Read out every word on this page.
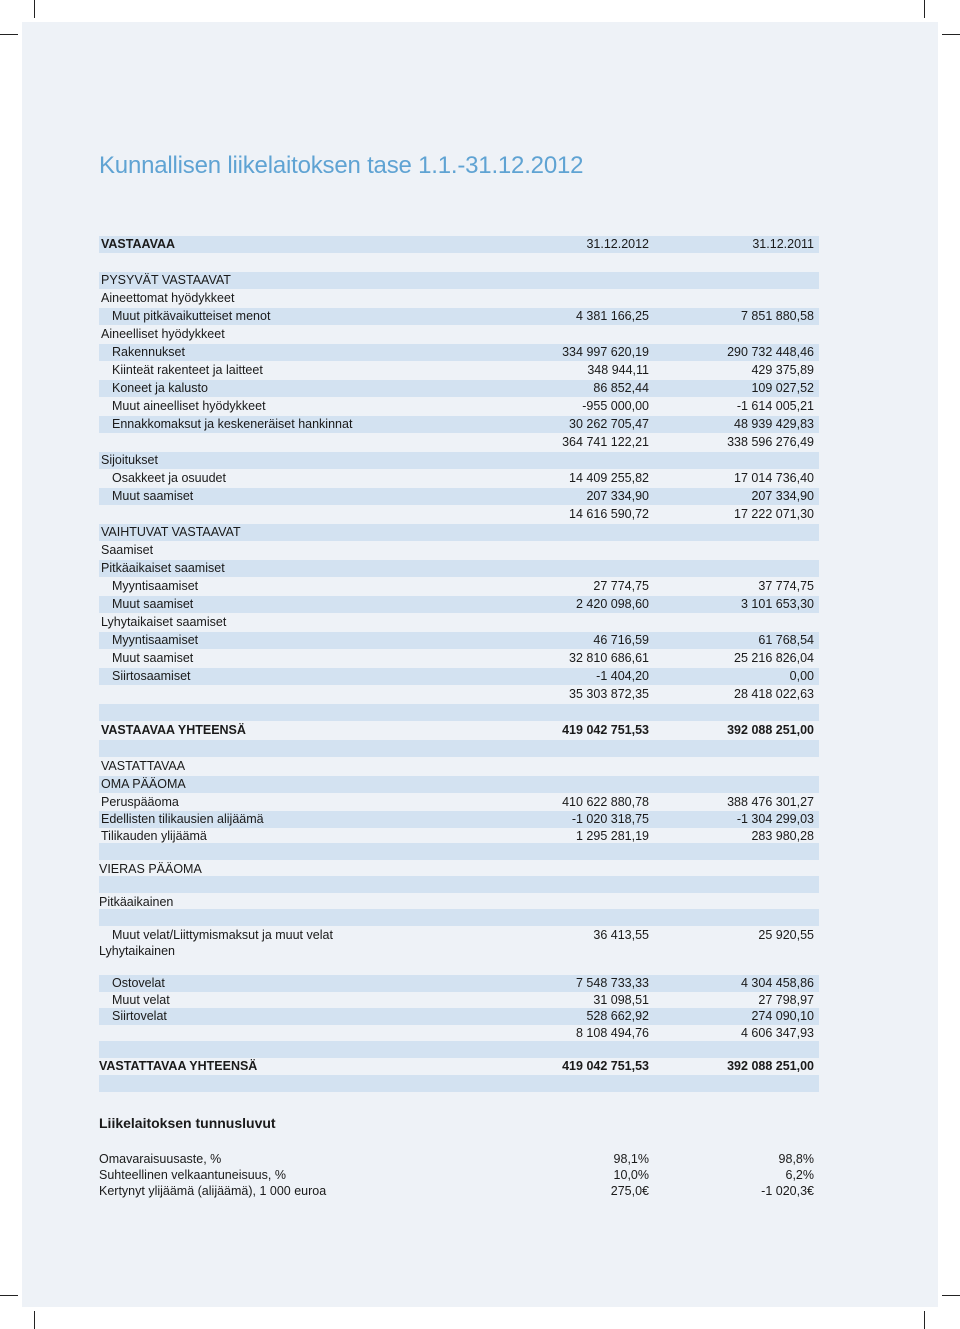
Kunnallisen liikelaitoksen tase 1.1.-31.12.2012
VASTAAVAA	31.12.2012	31.12.2011
PYSYVÄT VASTAAVAT
Aineettomat hyödykkeet
Muut pitkävaikutteiset menot	4 381 166,25	7 851 880,58
Aineelliset hyödykkeet
Rakennukset	334 997 620,19	290 732 448,46
Kiinteät rakenteet ja laitteet	348 944,11	429 375,89
Koneet ja kalusto	86 852,44	109 027,52
Muut aineelliset hyödykkeet	-955 000,00	-1 614 005,21
Ennakkomaksut ja keskeneräiset hankinnat	30 262 705,47	48 939 429,83
364 741 122,21	338 596 276,49
Sijoitukset
Osakkeet ja osuudet	14 409 255,82	17 014 736,40
Muut saamiset	207 334,90	207 334,90
14 616 590,72	17 222 071,30
VAIHTUVAT VASTAAVAT
Saamiset
Pitkäaikaiset saamiset
Myyntisaamiset	27 774,75	37 774,75
Muut saamiset	2 420 098,60	3 101 653,30
Lyhytaikaiset saamiset
Myyntisaamiset	46 716,59	61 768,54
Muut saamiset	32 810 686,61	25 216 826,04
Siirtosaamiset	-1 404,20	0,00
35 303 872,35	28 418 022,63
VASTAAVAA YHTEENSÄ	419 042 751,53	392 088 251,00
VASTATTAVAA
OMA PÄÄOMA
Peruspääoma	410 622 880,78	388 476 301,27
Edellisten tilikausien alijäämä	-1 020 318,75	-1 304 299,03
Tilikauden ylijäämä	1 295 281,19	283 980,28
VIERAS PÄÄOMA
Pitkäaikainen
Muut velat/Liittymismaksut ja muut velat	36 413,55	25 920,55
Lyhytaikainen
Ostovelat	7 548 733,33	4 304 458,86
Muut velat	31 098,51	27 798,97
Siirtovelat	528 662,92	274 090,10
8 108 494,76	4 606 347,93
VASTATTAVAA YHTEENSÄ	419 042 751,53	392 088 251,00
Liikelaitoksen tunnusluvut
Omavaraisuusaste, %	98,1%	98,8%
Suhteellinen velkaantuneisuus, %	10,0%	6,2%
Kertynyt ylijäämä (alijäämä), 1 000 euroa	275,0€	-1 020,3€
